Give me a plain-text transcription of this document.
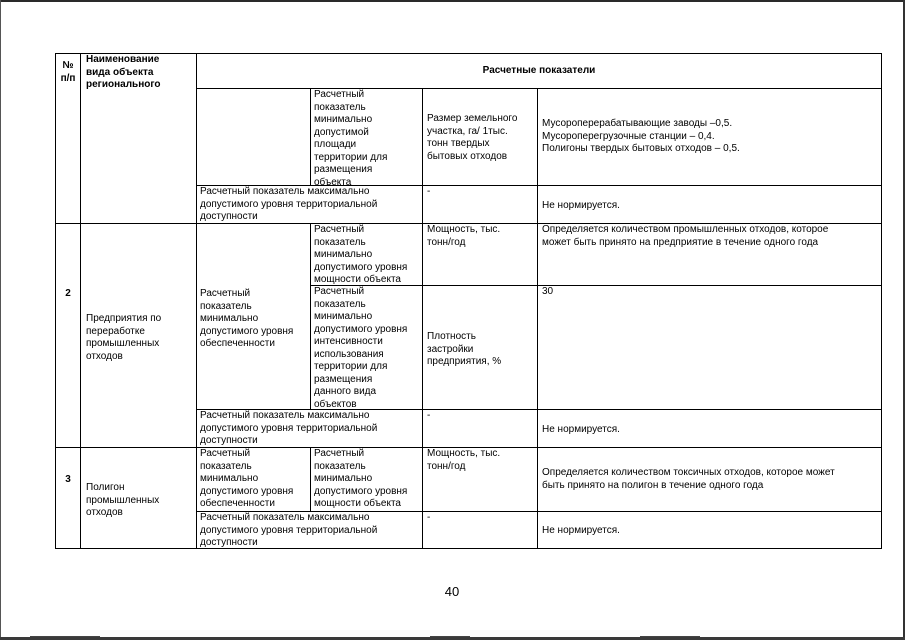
№
п/п
Наименование
вида объекта
регионального
Расчетные показатели
Расчетный
показатель
минимально
допустимой
площади
территории для
размещения
объекта
Размер земельного
участка, га/ 1тыс.
тонн твердых
бытовых отходов
Мусороперерабатывающие заводы –0,5.
Мусороперегрузочные станции – 0,4.
Полигоны твердых бытовых отходов – 0,5.
Расчетный показатель максимально
допустимого уровня территориальной
доступности
-
Не нормируется.
2
Предприятия по
переработке
промышленных
отходов
Расчетный
показатель
минимально
допустимого уровня
обеспеченности
Расчетный
показатель
минимально
допустимого уровня
мощности объекта
Мощность, тыс.
тонн/год
Определяется количеством промышленных отходов, которое
может быть принято на предприятие в течение одного года
Расчетный
показатель
минимально
допустимого уровня
интенсивности
использования
территории для
размещения
данного вида
объектов
Плотность
застройки
предприятия, %
30
Расчетный показатель максимально
допустимого уровня территориальной
доступности
-
Не нормируется.
3
Полигон
промышленных
отходов
Расчетный
показатель
минимально
допустимого уровня
обеспеченности
Расчетный
показатель
минимально
допустимого уровня
мощности объекта
Мощность, тыс.
тонн/год
Определяется количеством токсичных отходов, которое может
быть принято на полигон в течение одного года
Расчетный показатель максимально
допустимого уровня территориальной
доступности
-
Не нормируется.
40
